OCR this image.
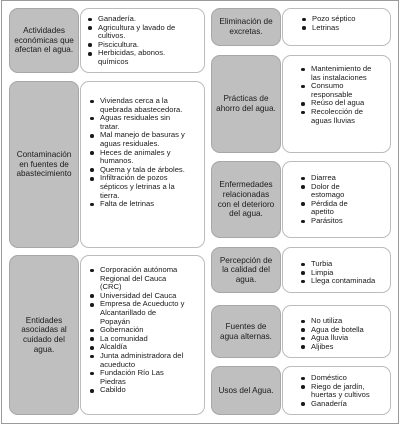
Actividades económicas que afectan el agua.
Ganadería.
Agricultura y lavado de cultivos.
Piscicultura.
Herbicidas, abonos. químicos
Contaminación en fuentes de abastecimiento
Viviendas cerca a la quebrada abastecedora.
Aguas residuales sin tratar.
Mal manejo de basuras y aguas residuales.
Heces de animales y humanos.
Quema y tala de árboles.
Infiltración de pozos sépticos y letrinas a la tierra.
Falta de letrinas
Entidades asociadas al cuidado del agua.
Corporación autónoma Regional del Cauca (CRC)
Universidad del Cauca
Empresa de Acueducto y Alcantarillado de Popayán
Gobernación
La comunidad
Alcaldía
Junta administradora del acueducto
Fundación Río Las Piedras
Cabildo
Eliminación de excretas.
Pozo séptico
Letrinas
Prácticas de ahorro del agua.
Mantenimiento de las instalaciones
Consumo responsable
Reúso del agua
Recolección de aguas lluvias
Enfermedades relacionadas con el deterioro del agua.
Diarrea
Dolor de estomago
Pérdida de apetito
Parásitos
Percepción de la calidad del agua.
Turbia
Limpia
Llega contaminada
Fuentes de agua alternas.
No utiliza
Agua de botella
Agua lluvia
Aljibes
Usos del Agua.
Doméstico
Riego de jardín, huertas y cultivos
Ganadería
